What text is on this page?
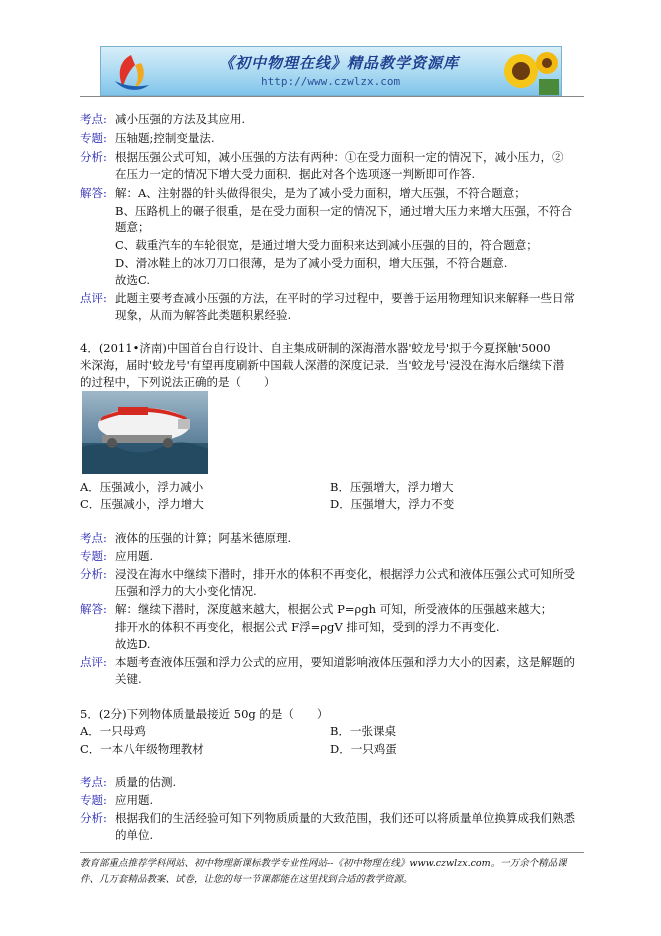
《初中物理在线》精品教学资源库
http://www.czwlzx.com
考点: 减小压强的方法及其应用.
专题: 压轴题;控制变量法.
分析: 根据压强公式可知，减小压强的方法有两种：①在受力面积一定的情况下，减小压力，②
在压力一定的情况下增大受力面积．据此对各个选项逐一判断即可作答.
解答: 解：A、注射器的针头做得很尖，是为了减小受力面积，增大压强，不符合题意；
B、压路机上的碾子很重，是在受力面积一定的情况下，通过增大压力来增大压强，不符合
题意；
C、载重汽车的车轮很宽，是通过增大受力面积来达到减小压强的目的，符合题意；
D、滑冰鞋上的冰刀刀口很薄，是为了减小受力面积，增大压强，不符合题意.
故选C.
点评: 此题主要考查减小压强的方法，在平时的学习过程中，要善于运用物理知识来解释一些日常
现象，从而为解答此类题积累经验.
4．(2011•济南)中国首台自行设计、自主集成研制的深海潜水器'蛟龙号'拟于今夏探触'5000
米深海，届时'蛟龙号'有望再度刷新中国载人深潜的深度记录．当'蛟龙号'浸没在海水后继续下潜
的过程中，下列说法正确的是（　　）
A．压强减小，浮力减小	B．压强增大，浮力增大
C．压强减小，浮力增大	D．压强增大，浮力不变
考点: 液体的压强的计算；阿基米德原理.
专题: 应用题.
分析: 浸没在海水中继续下潜时，排开水的体积不再变化，根据浮力公式和液体压强公式可知所受
压强和浮力的大小变化情况.
解答: 解：继续下潜时，深度越来越大，根据公式 P=ρgh 可知，所受液体的压强越来越大；
排开水的体积不再变化，根据公式 F浮=ρgV 排可知，受到的浮力不再变化.
故选D.
点评: 本题考查液体压强和浮力公式的应用，要知道影响液体压强和浮力大小的因素，这是解题的
关键.
5．(2分)下列物体质量最接近 50g 的是（　　）
A．一只母鸡	B．一张课桌
C．一本八年级物理教材	D．一只鸡蛋
考点: 质量的估测.
专题: 应用题.
分析: 根据我们的生活经验可知下列物质质量的大致范围，我们还可以将质量单位换算成我们熟悉
的单位.
教育部重点推荐学科网站、初中物理新课标教学专业性网站--《初中物理在线》www.czwlzx.com。一万余个精品课
件、几万套精品教案、试卷，让您的每一节课都能在这里找到合适的教学资源。
